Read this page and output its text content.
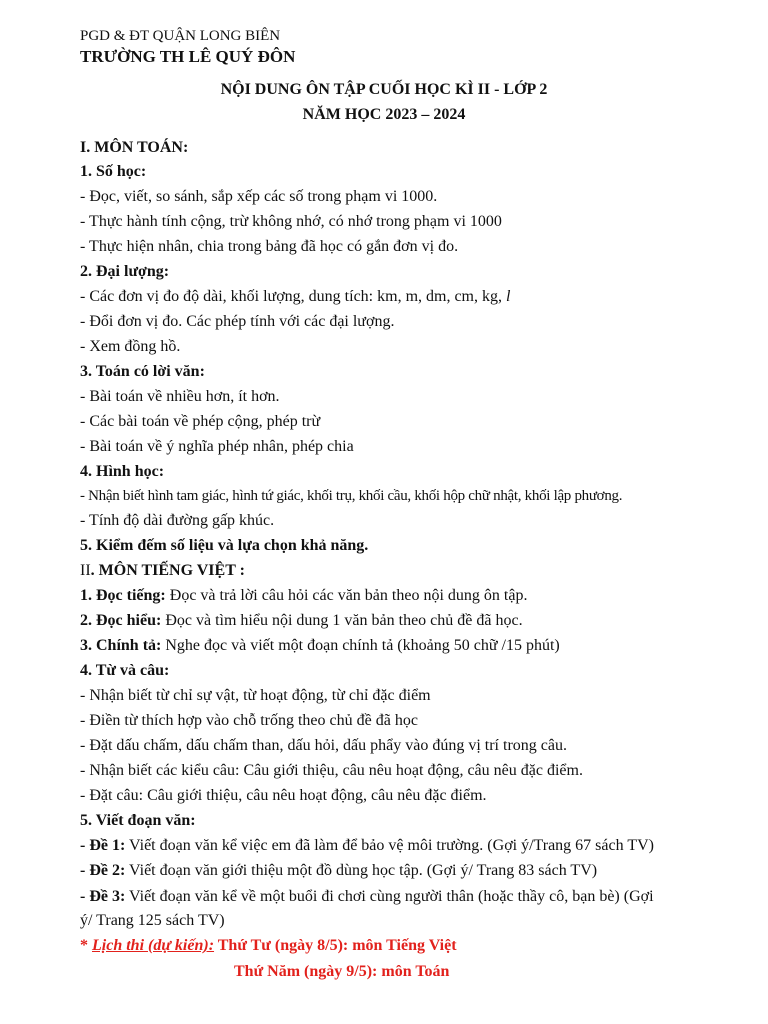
PGD & ĐT QUẬN LONG BIÊN
TRƯỜNG TH LÊ QUÝ ĐÔN
NỘI DUNG ÔN TẬP CUỐI HỌC KÌ II - LỚP 2
NĂM HỌC 2023 – 2024
I. MÔN TOÁN:
1. Số học:
- Đọc, viết, so sánh, sắp xếp các số trong phạm vi 1000.
- Thực hành tính cộng, trừ không nhớ, có nhớ trong phạm vi 1000
- Thực hiện nhân, chia trong bảng đã học có gắn đơn vị đo.
2. Đại lượng:
- Các đơn vị đo độ dài, khối lượng, dung tích: km, m, dm, cm, kg, l
- Đổi đơn vị đo. Các phép tính với các đại lượng.
- Xem đồng hồ.
3. Toán có lời văn:
- Bài toán về nhiều hơn, ít hơn.
- Các bài toán về phép cộng, phép trừ
- Bài toán về ý nghĩa phép nhân, phép chia
4. Hình học:
- Nhận biết hình tam giác, hình tứ giác, khối trụ, khối cầu, khối hộp chữ nhật, khối lập phương.
- Tính độ dài đường gấp khúc.
5. Kiểm đếm số liệu và lựa chọn khả năng.
II. MÔN TIẾNG VIỆT :
1. Đọc tiếng: Đọc và trả lời câu hỏi các văn bản theo nội dung ôn tập.
2. Đọc hiểu: Đọc và tìm hiểu nội dung 1 văn bản theo chủ đề đã học.
3. Chính tả: Nghe đọc và viết một đoạn chính tả (khoảng 50 chữ /15 phút)
4. Từ và câu:
- Nhận biết từ chỉ sự vật, từ hoạt động, từ chỉ đặc điểm
- Điền từ thích hợp vào chỗ trống theo chủ đề đã học
- Đặt dấu chấm, dấu chấm than, dấu hỏi, dấu phẩy vào đúng vị trí trong câu.
- Nhận biết các kiểu câu: Câu giới thiệu, câu nêu hoạt động, câu nêu đặc điểm.
- Đặt câu: Câu giới thiệu, câu nêu hoạt động, câu nêu đặc điểm.
5. Viết đoạn văn:
- Đề 1: Viết đoạn văn kể việc em đã làm để bảo vệ môi trường. (Gợi ý/Trang 67 sách TV)
- Đề 2: Viết đoạn văn giới thiệu một đồ dùng học tập. (Gợi ý/ Trang 83 sách TV)
- Đề 3: Viết đoạn văn kể về một buổi đi chơi cùng người thân (hoặc thầy cô, bạn bè) (Gợi
ý/ Trang 125 sách TV)
* Lịch thi (dự kiến): Thứ Tư (ngày 8/5): môn Tiếng Việt
Thứ Năm (ngày 9/5): môn Toán
